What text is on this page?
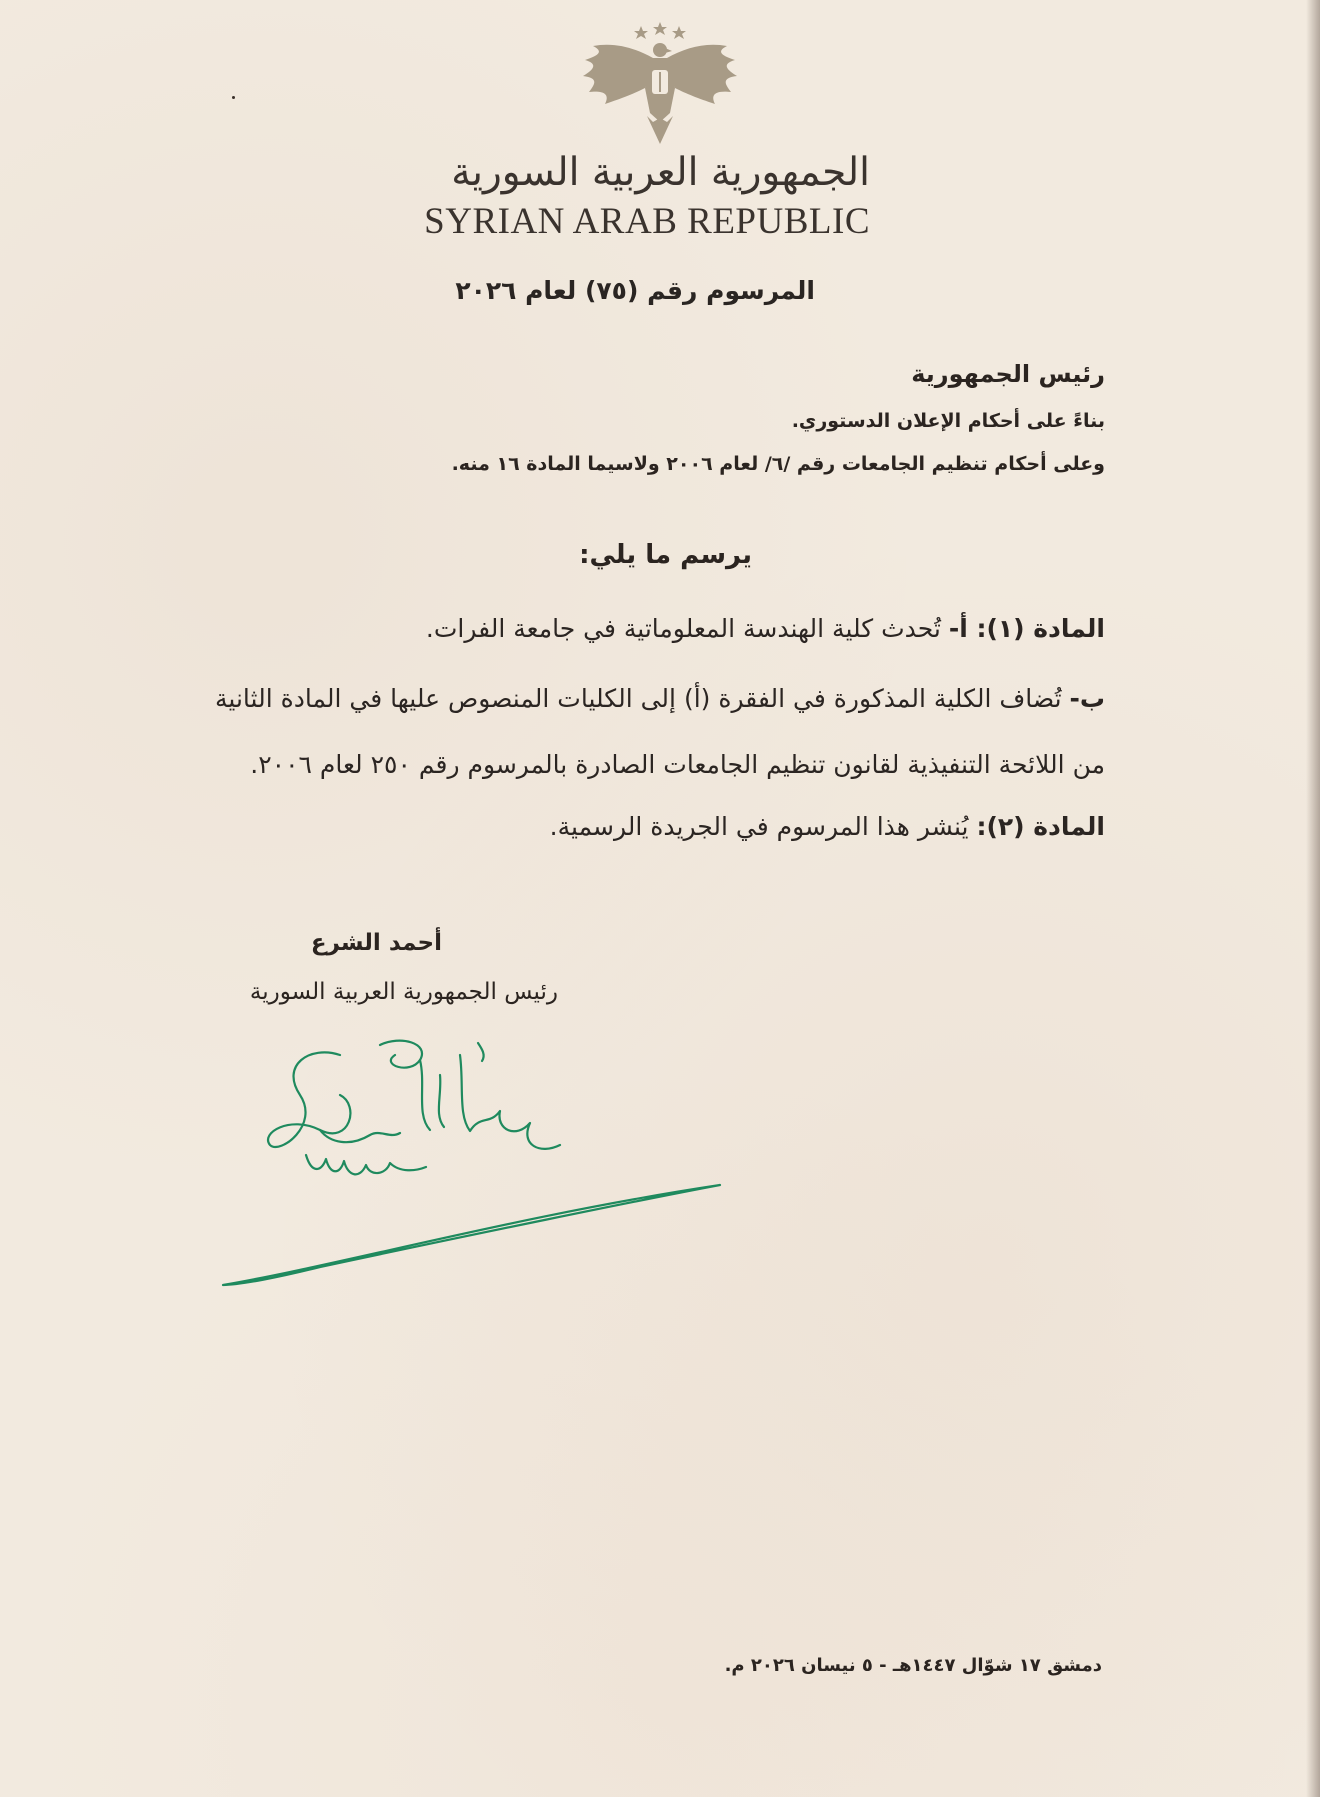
الجمهورية العربية السورية
SYRIAN ARAB REPUBLIC
المرسوم رقم (٧٥) لعام ٢٠٢٦
رئيس الجمهورية
بناءً على أحكام الإعلان الدستوري.
وعلى أحكام تنظيم الجامعات رقم /٦/ لعام ٢٠٠٦ ولاسيما المادة ١٦ منه.
يرسم ما يلي:
المادة (١): أ- تُحدث كلية الهندسة المعلوماتية في جامعة الفرات.
ب- تُضاف الكلية المذكورة في الفقرة (أ) إلى الكليات المنصوص عليها في المادة الثانية
من اللائحة التنفيذية لقانون تنظيم الجامعات الصادرة بالمرسوم رقم ٢٥٠ لعام ٢٠٠٦.
المادة (٢): يُنشر هذا المرسوم في الجريدة الرسمية.
أحمد الشرع
رئيس الجمهورية العربية السورية
دمشق ١٧ شوّال ١٤٤٧هـ - ٥ نيسان ٢٠٢٦ م.
